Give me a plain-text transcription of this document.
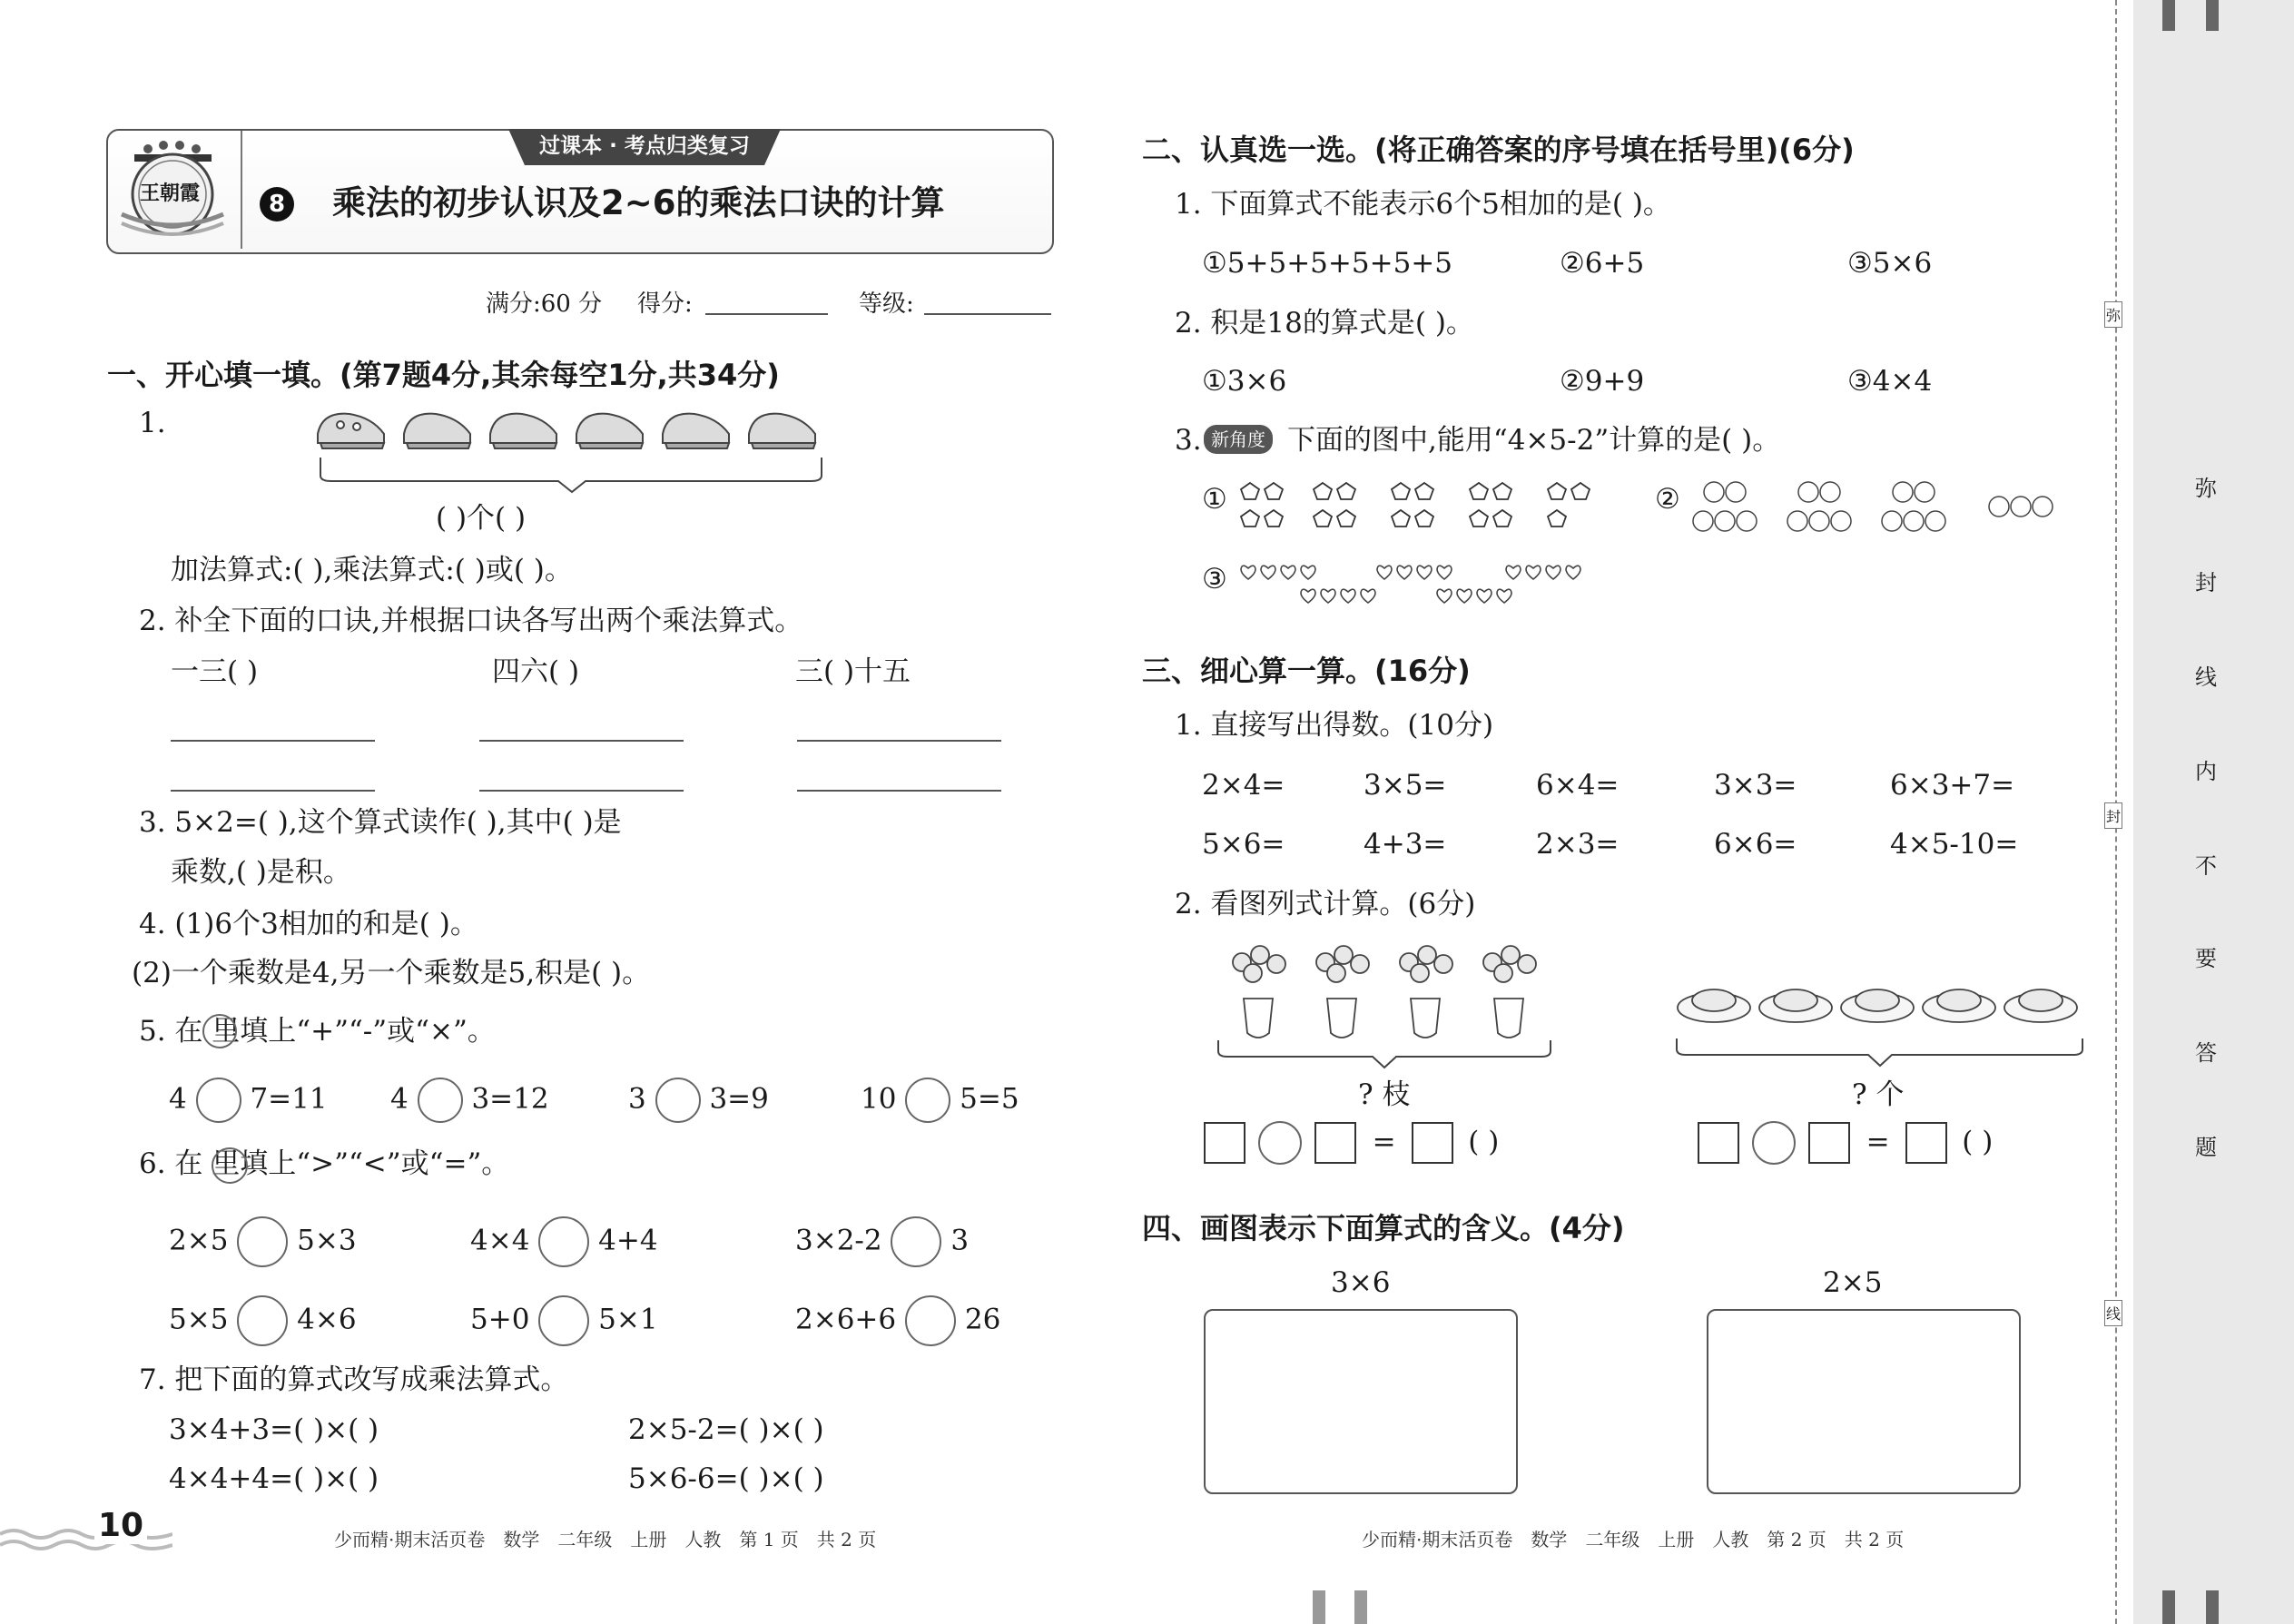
王朝霞
过课本 · 考点归类复习
8 乘法的初步认识及2~6的乘法口诀的计算
满分:60 分 得分:	等级:
一、开心填一填。(第7题4分,其余每空1分,共34分)
1.
( )个( )
加法算式:( ),乘法算式:( )或( )。
2. 补全下面的口诀,并根据口诀各写出两个乘法算式。
一三( )	四六( )	三( )十五
3. 5×2=( ),这个算式读作( ),其中( )是
乘数,( )是积。
4. (1)6个3相加的和是( )。
(2)一个乘数是4,另一个乘数是5,积是( )。
5. 在 里填上“+”“-”或“×”。
4 7=11 4 3=12	3 3=9	10 5=5
6. 在 里填上“>”“<”或“=”。
2×5 5×3	4×4 4+4	3×2-2 3
5×5 4×6	5+0 5×1	2×6+6 26
7. 把下面的算式改写成乘法算式。
3×4+3=( )×( )	2×5-2=( )×( )
4×4+4=( )×( )	5×6-6=( )×( )
10	少而精·期末活页卷　数学　二年级　上册　人教　第 1 页　共 2 页
二、认真选一选。(将正确答案的序号填在括号里)(6分)
1. 下面算式不能表示6个5相加的是( )。
①5+5+5+5+5+5	②6+5	③5×6
2. 积是18的算式是( )。
①3×6	②9+9	③4×4
3. 新角度 下面的图中,能用“4×5-2”计算的是( )。
①	②
③
三、细心算一算。(16分)
1. 直接写出得数。(10分)
2×4=	3×5=	6×4=	3×3=	6×3+7=
5×6=	4+3=	2×3=	6×6=	4×5-10=
2. 看图列式计算。(6分)
? 枝	? 个
=	( )	=	( )
四、画图表示下面算式的含义。(4分)
3×6	2×5
少而精·期末活页卷　数学　二年级　上册　人教　第 2 页　共 2 页
弥
封
线
弥
封
线
内
不
要
答
题
